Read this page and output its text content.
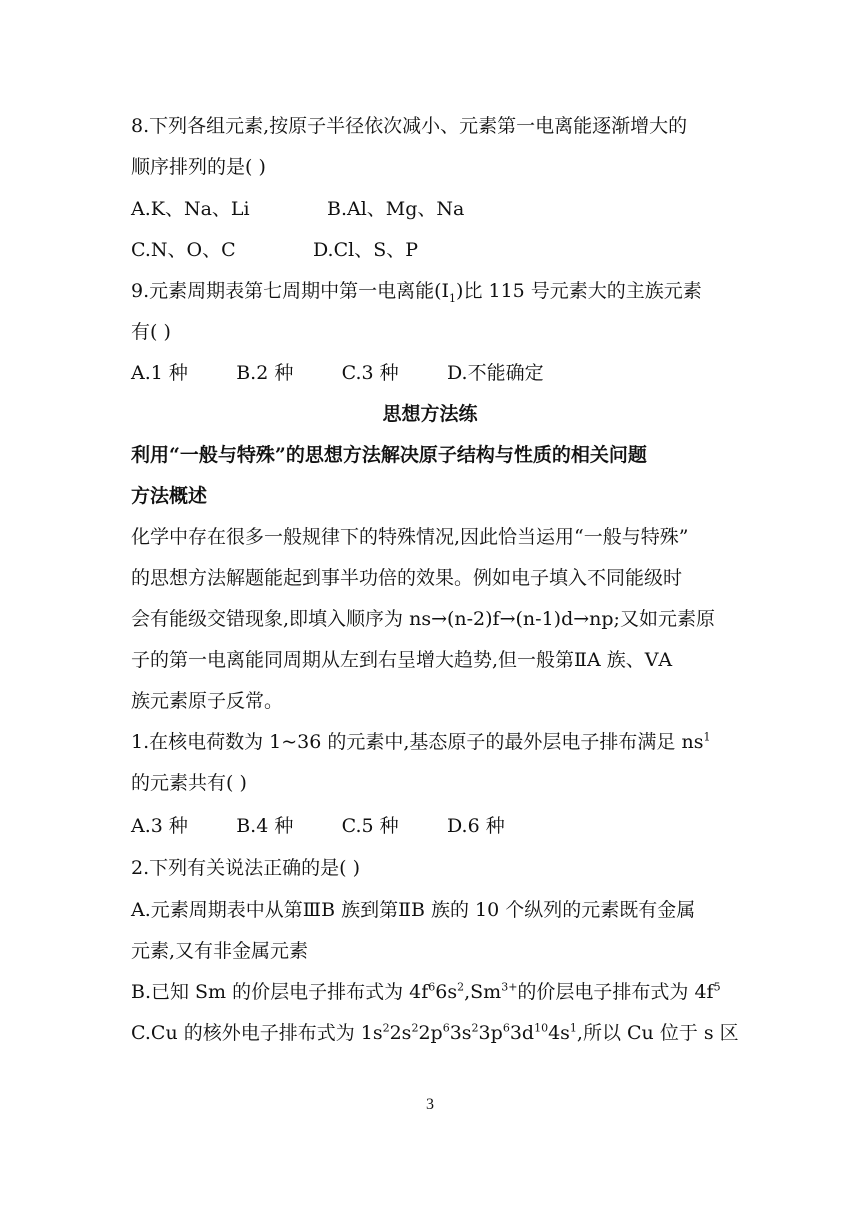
8.下列各组元素,按原子半径依次减小、元素第一电离能逐渐增大的
顺序排列的是( )
A.K、Na、Li	B.Al、Mg、Na
C.N、O、C	D.Cl、S、P
9.元素周期表第七周期中第一电离能$(I_1)$比 115 号元素大的主族元素
有( )
A.1 种        B.2 种        C.3 种        D.不能确定
思想方法练
利用“一般与特殊”的思想方法解决原子结构与性质的相关问题
方法概述
化学中存在很多一般规律下的特殊情况,因此恰当运用“一般与特殊”
的思想方法解题能起到事半功倍的效果。例如电子填入不同能级时
会有能级交错现象,即填入顺序为 ns→(n-2)f→(n-1)d→np;又如元素原
子的第一电离能同周期从左到右呈增大趋势,但一般第ⅡA 族、ⅤA
族元素原子反常。
1.在核电荷数为 1~36 的元素中,基态原子的最外层电子排布满足 $ns^1$
的元素共有( )
A.3 种        B.4 种        C.5 种        D.6 种
2.下列有关说法正确的是( )
A.元素周期表中从第ⅢB 族到第ⅡB 族的 10 个纵列的元素既有金属
元素,又有非金属元素
B.已知 Sm 的价层电子排布式为 $4f^66s^2,Sm^{3+}$的价层电子排布式为 $4f^5$
C.Cu 的核外电子排布式为 $1s^22s^22p^63s^23p^63d^{10}4s^1$,所以 Cu 位于 s 区
3
